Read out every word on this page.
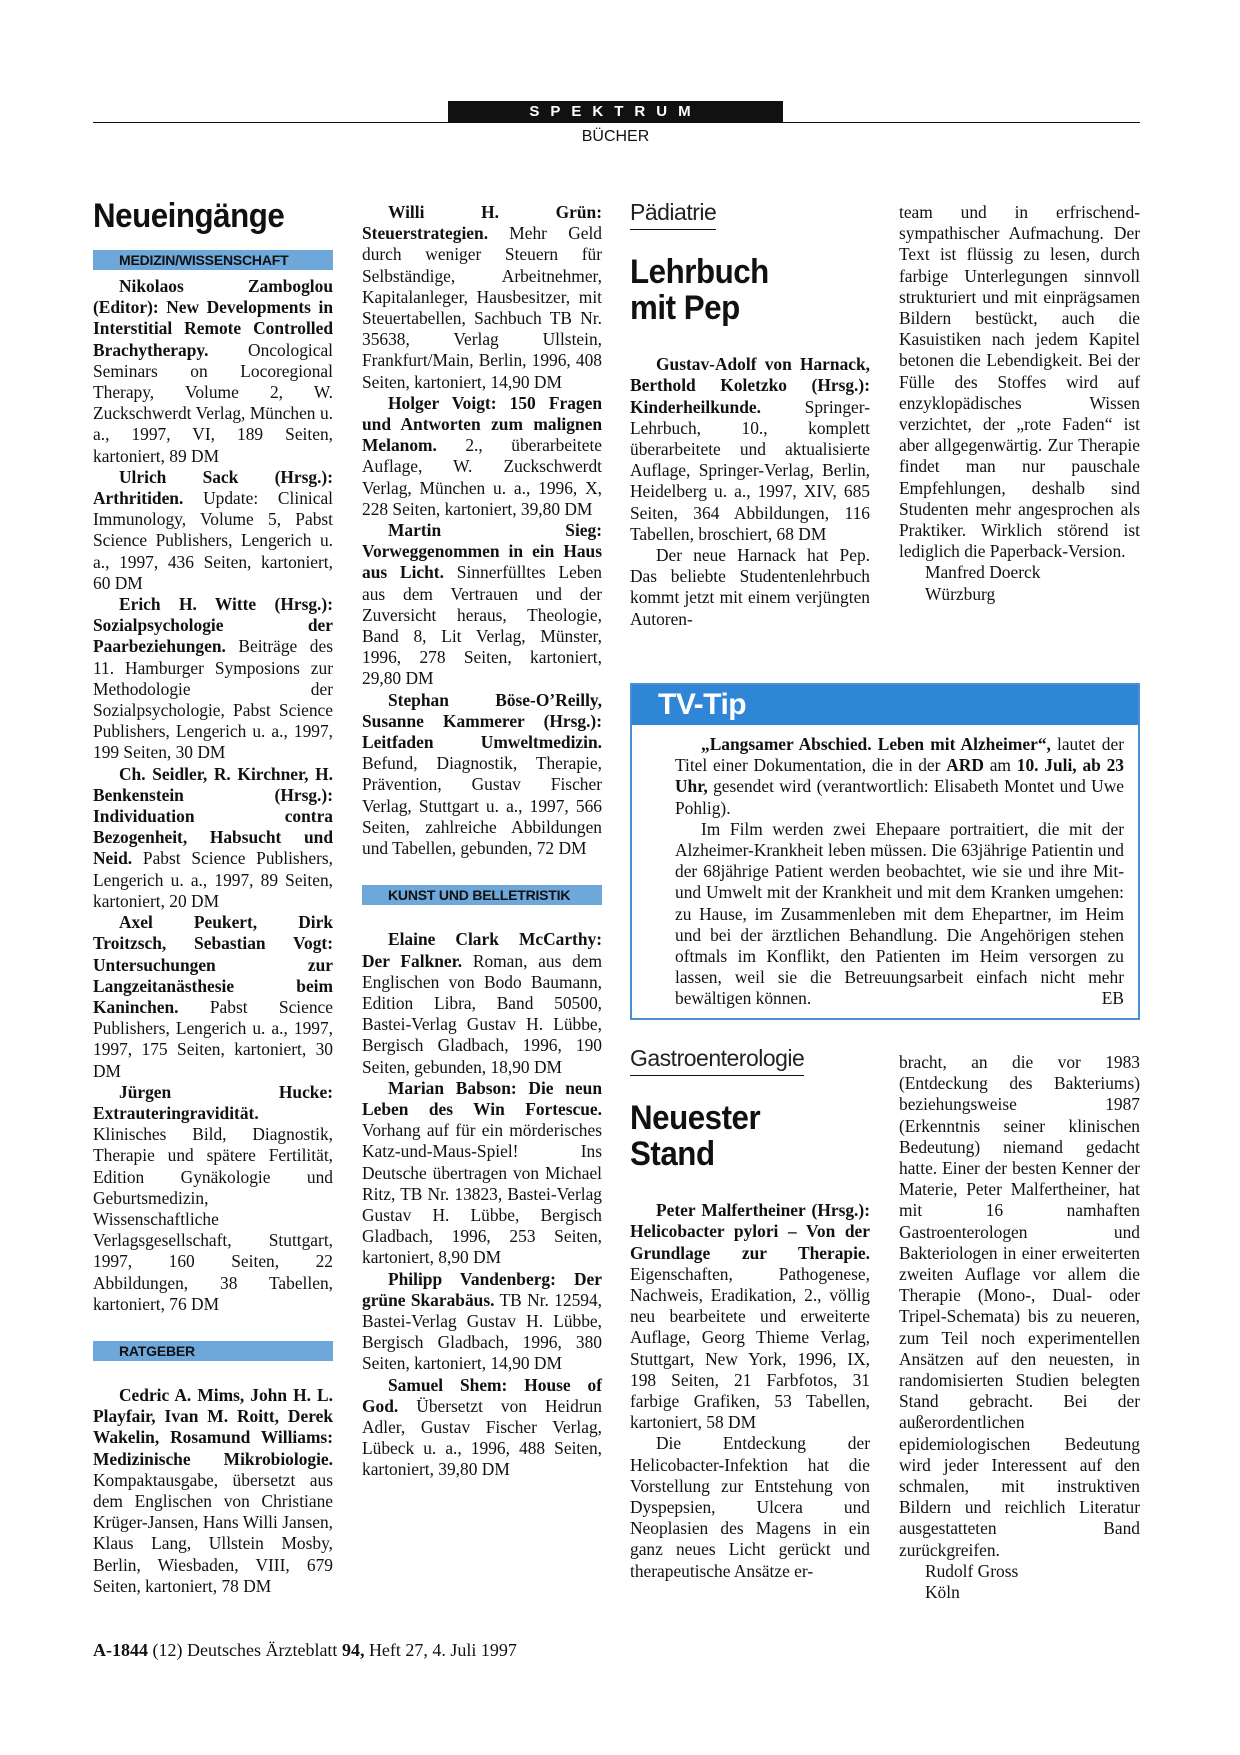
SPEKTRUM
BÜCHER
Neueingänge
MEDIZIN/WISSENSCHAFT

Nikolaos Zamboglou (Editor): New Developments in Interstitial Remote Controlled Brachytherapy. Oncological Seminars on Locoregional Therapy, Volume 2, W. Zuckschwerdt Verlag, München u. a., 1997, VI, 189 Seiten, kartoniert, 89 DM

Ulrich Sack (Hrsg.): Arthritiden. Update: Clinical Immunology, Volume 5, Pabst Science Publishers, Lengerich u. a., 1997, 436 Seiten, kartoniert, 60 DM

Erich H. Witte (Hrsg.): Sozialpsychologie der Paarbeziehungen. Beiträge des 11. Hamburger Symposions zur Methodologie der Sozialpsychologie, Pabst Science Publishers, Lengerich u. a., 1997, 199 Seiten, 30 DM

Ch. Seidler, R. Kirchner, H. Benkenstein (Hrsg.): Individuation contra Bezogenheit, Habsucht und Neid. Pabst Science Publishers, Lengerich u. a., 1997, 89 Seiten, kartoniert, 20 DM

Axel Peukert, Dirk Troitzsch, Sebastian Vogt: Untersuchungen zur Langzeitanästhesie beim Kaninchen. Pabst Science Publishers, Lengerich u. a., 1997, 1997, 175 Seiten, kartoniert, 30 DM

Jürgen Hucke: Extrauteringravidität. Klinisches Bild, Diagnostik, Therapie und spätere Fertilität, Edition Gynäkologie und Geburtsmedizin, Wissenschaftliche Verlagsgesellschaft, Stuttgart, 1997, 160 Seiten, 22 Abbildungen, 38 Tabellen, kartoniert, 76 DM

RATGEBER

Cedric A. Mims, John H. L. Playfair, Ivan M. Roitt, Derek Wakelin, Rosamund Williams: Medizinische Mikrobiologie. Kompaktausgabe, übersetzt aus dem Englischen von Christiane Krüger-Jansen, Hans Willi Jansen, Klaus Lang, Ullstein Mosby, Berlin, Wiesbaden, VIII, 679 Seiten, kartoniert, 78 DM

Willi H. Grün: Steuerstrategien. Mehr Geld durch weniger Steuern für Selbständige, Arbeitnehmer, Kapitalanleger, Hausbesitzer, mit Steuertabellen, Sachbuch TB Nr. 35638, Verlag Ullstein, Frankfurt/Main, Berlin, 1996, 408 Seiten, kartoniert, 14,90 DM

Holger Voigt: 150 Fragen und Antworten zum malignen Melanom. 2., überarbeitete Auflage, W. Zuckschwerdt Verlag, München u. a., 1996, X, 228 Seiten, kartoniert, 39,80 DM

Martin Sieg: Vorweggenommen in ein Haus aus Licht. Sinnerfülltes Leben aus dem Vertrauen und der Zuversicht heraus, Theologie, Band 8, Lit Verlag, Münster, 1996, 278 Seiten, kartoniert, 29,80 DM

Stephan Böse-O’Reilly, Susanne Kammerer (Hrsg.): Leitfaden Umweltmedizin. Befund, Diagnostik, Therapie, Prävention, Gustav Fischer Verlag, Stuttgart u. a., 1997, 566 Seiten, zahlreiche Abbildungen und Tabellen, gebunden, 72 DM

KUNST UND BELLETRISTIK

Elaine Clark McCarthy: Der Falkner. Roman, aus dem Englischen von Bodo Baumann, Edition Libra, Band 50500, Bastei-Verlag Gustav H. Lübbe, Bergisch Gladbach, 1996, 190 Seiten, gebunden, 18,90 DM

Marian Babson: Die neun Leben des Win Fortescue. Vorhang auf für ein mörderisches Katz-und-Maus-Spiel! Ins Deutsche übertragen von Michael Ritz, TB Nr. 13823, Bastei-Verlag Gustav H. Lübbe, Bergisch Gladbach, 1996, 253 Seiten, kartoniert, 8,90 DM

Philipp Vandenberg: Der grüne Skarabäus. TB Nr. 12594, Bastei-Verlag Gustav H. Lübbe, Bergisch Gladbach, 1996, 380 Seiten, kartoniert, 14,90 DM

Samuel Shem: House of God. Übersetzt von Heidrun Adler, Gustav Fischer Verlag, Lübeck u. a., 1996, 488 Seiten, kartoniert, 39,80 DM

Pädiatrie
Lehrbuch
mit Pep

Gustav-Adolf von Harnack, Berthold Koletzko (Hrsg.): Kinderheilkunde. Springer-Lehrbuch, 10., komplett überarbeitete und aktualisierte Auflage, Springer-Verlag, Berlin, Heidelberg u. a., 1997, XIV, 685 Seiten, 364 Abbildungen, 116 Tabellen, broschiert, 68 DM

Der neue Harnack hat Pep. Das beliebte Studentenlehrbuch kommt jetzt mit einem verjüngten Autoren-

team und in erfrischend-sympathischer Aufmachung. Der Text ist flüssig zu lesen, durch farbige Unterlegungen sinnvoll strukturiert und mit einprägsamen Bildern bestückt, auch die Kasuistiken nach jedem Kapitel betonen die Lebendigkeit. Bei der Fülle des Stoffes wird auf enzyklopädisches Wissen verzichtet, der „rote Faden“ ist aber allgegenwärtig. Zur Therapie findet man nur pauschale Empfehlungen, deshalb sind Studenten mehr angesprochen als Praktiker. Wirklich störend ist lediglich die Paperback-Version.

Manfred Doerck

Würzburg

TV-Tip

„Langsamer Abschied. Leben mit Alzheimer“, lautet der Titel einer Dokumentation, die in der ARD am 10. Juli, ab 23 Uhr, gesendet wird (verantwortlich: Elisabeth Montet und Uwe Pohlig).

Im Film werden zwei Ehepaare portraitiert, die mit der Alzheimer-Krankheit leben müssen. Die 63jährige Patientin und der 68jährige Patient werden beobachtet, wie sie und ihre Mit- und Umwelt mit der Krankheit und mit dem Kranken umgehen: zu Hause, im Zusammenleben mit dem Ehepartner, im Heim und bei der ärztlichen Behandlung. Die Angehörigen stehen oftmals im Konflikt, den Patienten im Heim versorgen zu lassen, weil sie die Betreuungsarbeit einfach nicht mehr bewältigen können.	EB

Gastroenterologie
Neuester
Stand

Peter Malfertheiner (Hrsg.): Helicobacter pylori – Von der Grundlage zur Therapie. Eigenschaften, Pathogenese, Nachweis, Eradikation, 2., völlig neu bearbeitete und erweiterte Auflage, Georg Thieme Verlag, Stuttgart, New York, 1996, IX, 198 Seiten, 21 Farbfotos, 31 farbige Grafiken, 53 Tabellen, kartoniert, 58 DM

Die Entdeckung der Helicobacter-Infektion hat die Vorstellung zur Entstehung von Dyspepsien, Ulcera und Neoplasien des Magens in ein ganz neues Licht gerückt und therapeutische Ansätze er-

bracht, an die vor 1983 (Entdeckung des Bakteriums) beziehungsweise 1987 (Erkenntnis seiner klinischen Bedeutung) niemand gedacht hatte. Einer der besten Kenner der Materie, Peter Malfertheiner, hat mit 16 namhaften Gastroenterologen und Bakteriologen in einer erweiterten zweiten Auflage vor allem die Therapie (Mono-, Dual- oder Tripel-Schemata) bis zu neueren, zum Teil noch experimentellen Ansätzen auf den neuesten, in randomisierten Studien belegten Stand gebracht. Bei der außerordentlichen epidemiologischen Bedeutung wird jeder Interessent auf den schmalen, mit instruktiven Bildern und reichlich Literatur ausgestatteten Band zurückgreifen.

Rudolf Gross

Köln

A-1844 (12) Deutsches Ärzteblatt 94, Heft 27, 4. Juli 1997
